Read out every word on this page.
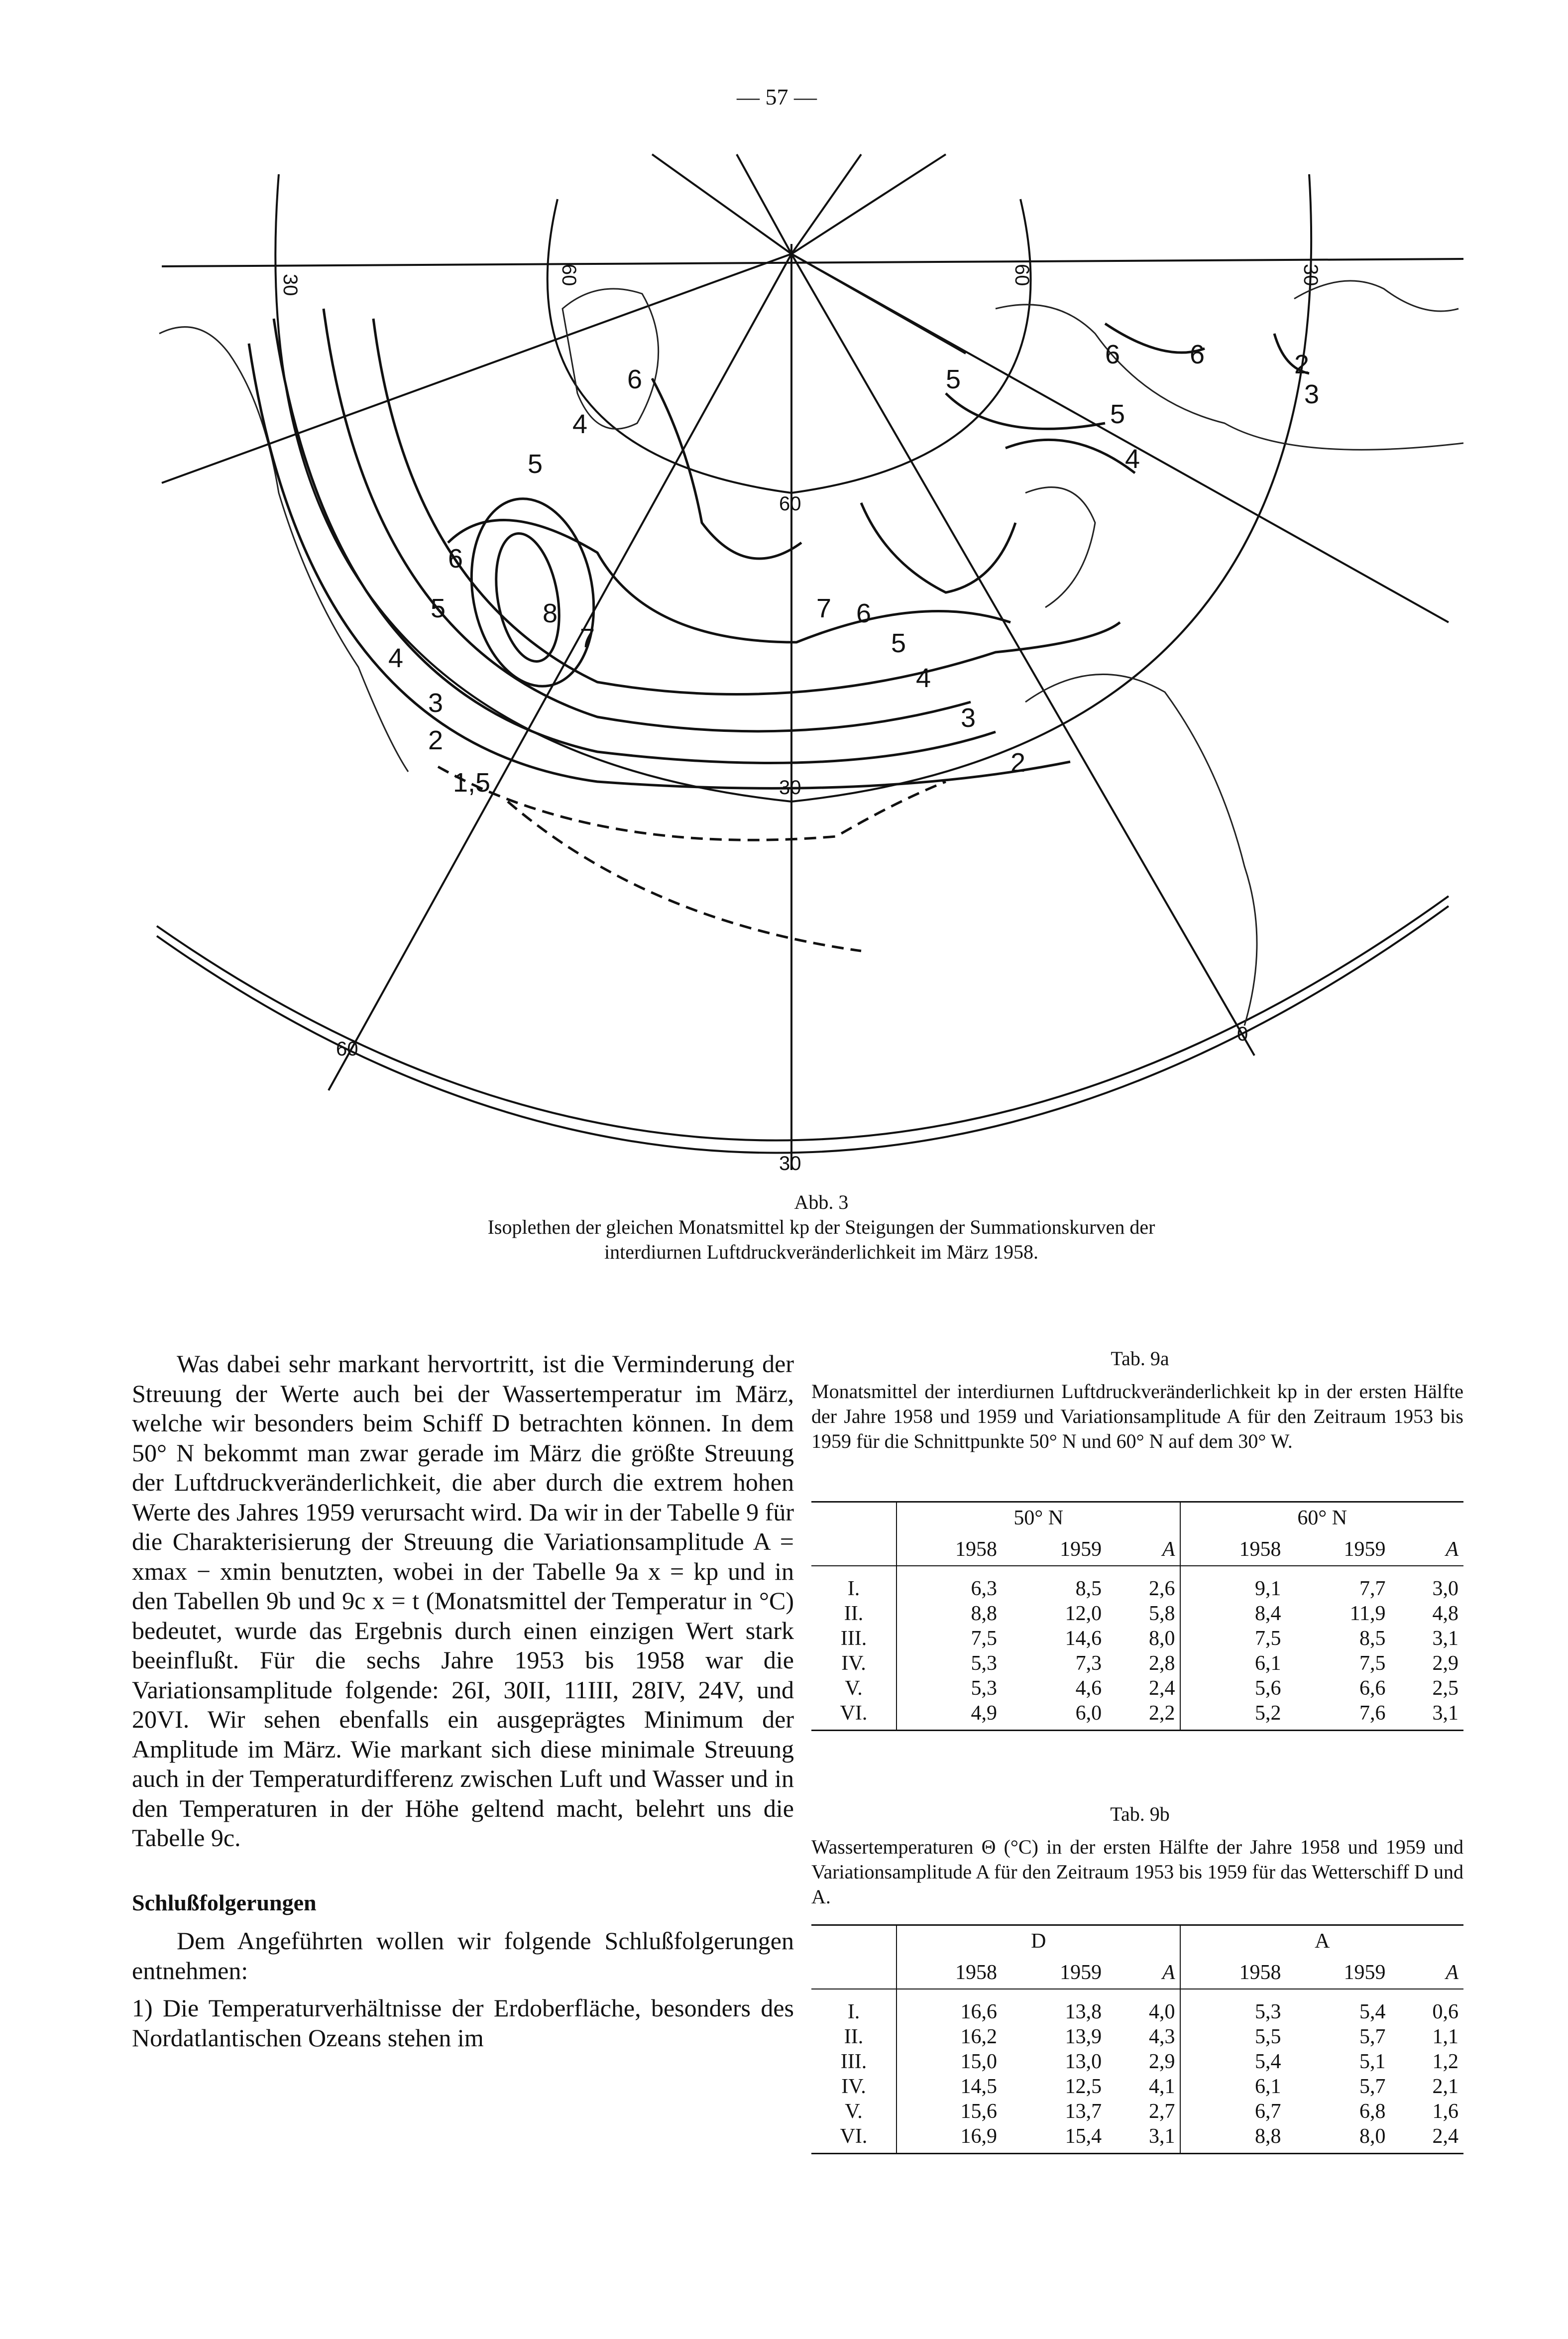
— 57 —
30	60	60	30
60
30
60
0
30
8
7
6
6
5
5
4
4
3	3
2
2
1,5
7 6
5
4
5
6	6
5
4
2
3
Abb. 3
Isoplethen der gleichen Monatsmittel kp der Steigungen der Summationskurven der interdiurnen Luftdruckveränderlichkeit im März 1958.

Was dabei sehr markant hervortritt, ist die Verminderung der Streuung der Werte auch bei der Wassertemperatur im März, welche wir besonders beim Schiff D betrachten können. In dem 50° N bekommt man zwar gerade im März die größte Streuung der Luftdruckveränderlichkeit, die aber durch die extrem hohen Werte des Jahres 1959 verursacht wird. Da wir in der Tabelle 9 für die Charakterisierung der Streuung die Variationsamplitude A = xmax − xmin benutzten, wobei in der Tabelle 9a x = kp und in den Tabellen 9b und 9c x = t (Monatsmittel der Temperatur in °C) bedeutet, wurde das Ergebnis durch einen einzigen Wert stark beeinflußt. Für die sechs Jahre 1953 bis 1958 war die Variationsamplitude folgende: 26I, 30II, 11III, 28IV, 24V, und 20VI. Wir sehen ebenfalls ein ausgeprägtes Minimum der Amplitude im März. Wie markant sich diese minimale Streuung auch in der Temperaturdifferenz zwischen Luft und Wasser und in den Temperaturen in der Höhe geltend macht, belehrt uns die Tabelle 9c.

Schlußfolgerungen

Dem Angeführten wollen wir folgende Schlußfolgerungen entnehmen:

1) Die Temperaturverhältnisse der Erdoberfläche, besonders des Nordatlantischen Ozeans stehen im

Tab. 9a
Monatsmittel der interdiurnen Luftdruckveränderlichkeit kp in der ersten Hälfte der Jahre 1958 und 1959 und Variationsamplitude A für den Zeitraum 1953 bis 1959 für die Schnittpunkte 50° N und 60° N auf dem 30° W.
	50° N			60° N		
	1958	1959	A	1958	1959	A
I.	6,3	8,5	2,6	9,1	7,7	3,0
II.	8,8	12,0	5,8	8,4	11,9	4,8
III.	7,5	14,6	8,0	7,5	8,5	3,1
IV.	5,3	7,3	2,8	6,1	7,5	2,9
V.	5,3	4,6	2,4	5,6	6,6	2,5
VI.	4,9	6,0	2,2	5,2	7,6	3,1
Tab. 9b
Wassertemperaturen Θ (°C) in der ersten Hälfte der Jahre 1958 und 1959 und Variationsamplitude A für den Zeitraum 1953 bis 1959 für das Wetterschiff D und A.
	D			A		
	1958	1959	A	1958	1959	A
I.	16,6	13,8	4,0	5,3	5,4	0,6
II.	16,2	13,9	4,3	5,5	5,7	1,1
III.	15,0	13,0	2,9	5,4	5,1	1,2
IV.	14,5	12,5	4,1	6,1	5,7	2,1
V.	15,6	13,7	2,7	6,7	6,8	1,6
VI.	16,9	15,4	3,1	8,8	8,0	2,4
